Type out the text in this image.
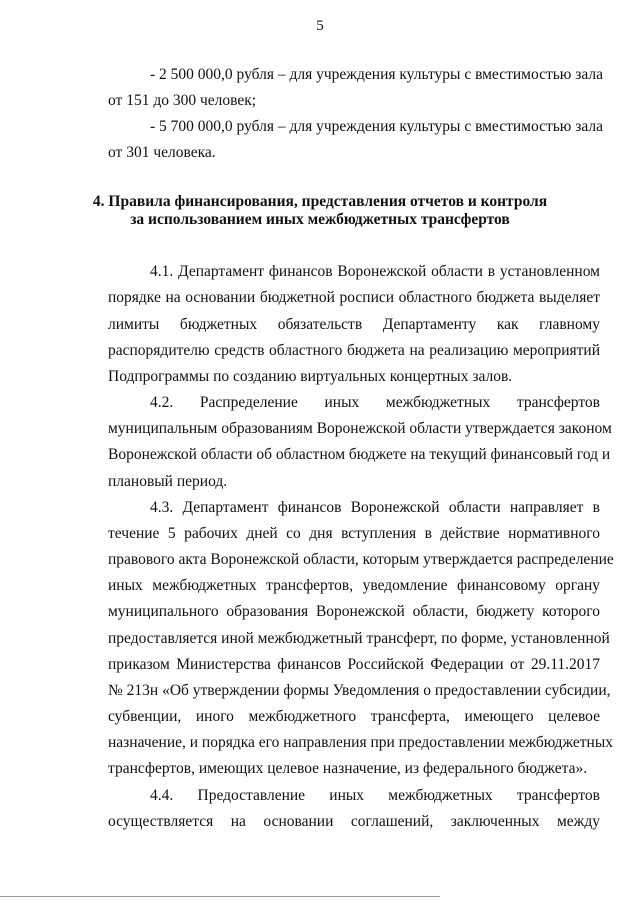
5
- 2 500 000,0 рубля – для учреждения культуры с вместимостью зала
от 151 до 300 человек;
- 5 700 000,0 рубля – для учреждения культуры с вместимостью зала
от 301 человека.
4. Правила финансирования, представления отчетов и контроля
за использованием иных межбюджетных трансфертов
4.1. Департамент финансов Воронежской области в установленном
порядке на основании бюджетной росписи областного бюджета выделяет
лимиты бюджетных обязательств Департаменту как главному
распорядителю средств областного бюджета на реализацию мероприятий
Подпрограммы по созданию виртуальных концертных залов.
4.2. Распределение иных межбюджетных трансфертов
муниципальным образованиям Воронежской области утверждается законом
Воронежской области об областном бюджете на текущий финансовый год и
плановый период.
4.3. Департамент финансов Воронежской области направляет в
течение 5 рабочих дней со дня вступления в действие нормативного
правового акта Воронежской области, которым утверждается распределение
иных межбюджетных трансфертов, уведомление финансовому органу
муниципального образования Воронежской области, бюджету которого
предоставляется иной межбюджетный трансферт, по форме, установленной
приказом Министерства финансов Российской Федерации от 29.11.2017
№ 213н «Об утверждении формы Уведомления о предоставлении субсидии,
субвенции, иного межбюджетного трансферта, имеющего целевое
назначение, и порядка его направления при предоставлении межбюджетных
трансфертов, имеющих целевое назначение, из федерального бюджета».
4.4. Предоставление иных межбюджетных трансфертов
осуществляется на основании соглашений, заключенных между
